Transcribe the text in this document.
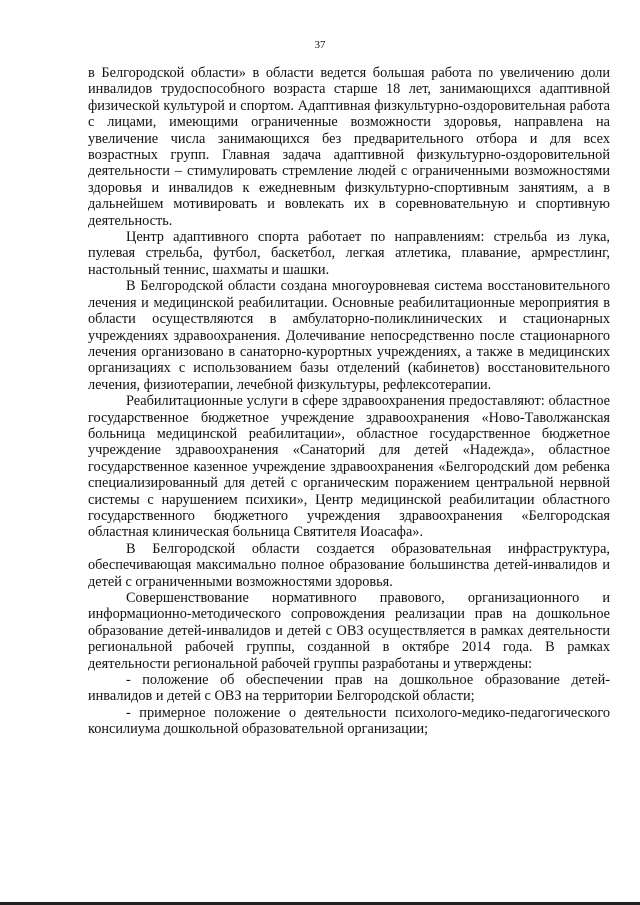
37

в Белгородской области» в области ведется большая работа по увеличению доли инвалидов трудоспособного возраста старше 18 лет, занимающихся адаптивной физической культурой и спортом. Адаптивная физкультурно-оздоровительная работа с лицами, имеющими ограниченные возможности здоровья, направлена на увеличение числа занимающихся без предварительного отбора и для всех возрастных групп. Главная задача адаптивной физкультурно-оздоровительной деятельности – стимулировать стремление людей с ограниченными возможностями здоровья и инвалидов к ежедневным физкультурно-спортивным занятиям, а в дальнейшем мотивировать и вовлекать их в соревновательную и спортивную деятельность.

Центр адаптивного спорта работает по направлениям: стрельба из лука, пулевая стрельба, футбол, баскетбол, легкая атлетика, плавание, армрестлинг, настольный теннис, шахматы и шашки.

В Белгородской области создана многоуровневая система восстановительного лечения и медицинской реабилитации. Основные реабилитационные мероприятия в области осуществляются в амбулаторно-поликлинических и стационарных учреждениях здравоохранения. Долечивание непосредственно после стационарного лечения организовано в санаторно-курортных учреждениях, а также в медицинских организациях с использованием базы отделений (кабинетов) восстановительного лечения, физиотерапии, лечебной физкультуры, рефлексотерапии.

Реабилитационные услуги в сфере здравоохранения предоставляют: областное государственное бюджетное учреждение здравоохранения «Ново-Таволжанская больница медицинской реабилитации», областное государственное бюджетное учреждение здравоохранения «Санаторий для детей «Надежда», областное государственное казенное учреждение здравоохранения «Белгородский дом ребенка специализированный для детей с органическим поражением центральной нервной системы с нарушением психики», Центр медицинской реабилитации областного государственного бюджетного учреждения здравоохранения «Белгородская областная клиническая больница Святителя Иоасафа».

В Белгородской области создается образовательная инфраструктура, обеспечивающая максимально полное образование большинства детей-инвалидов и детей с ограниченными возможностями здоровья.

Совершенствование нормативного правового, организационного и информационно-методического сопровождения реализации прав на дошкольное образование детей-инвалидов и детей с ОВЗ осуществляется в рамках деятельности региональной рабочей группы, созданной в октябре 2014 года. В рамках деятельности региональной рабочей группы разработаны и утверждены:

- положение об обеспечении прав на дошкольное образование детей-инвалидов и детей с ОВЗ на территории Белгородской области;

- примерное положение о деятельности психолого-медико-педагогического консилиума дошкольной образовательной организации;
